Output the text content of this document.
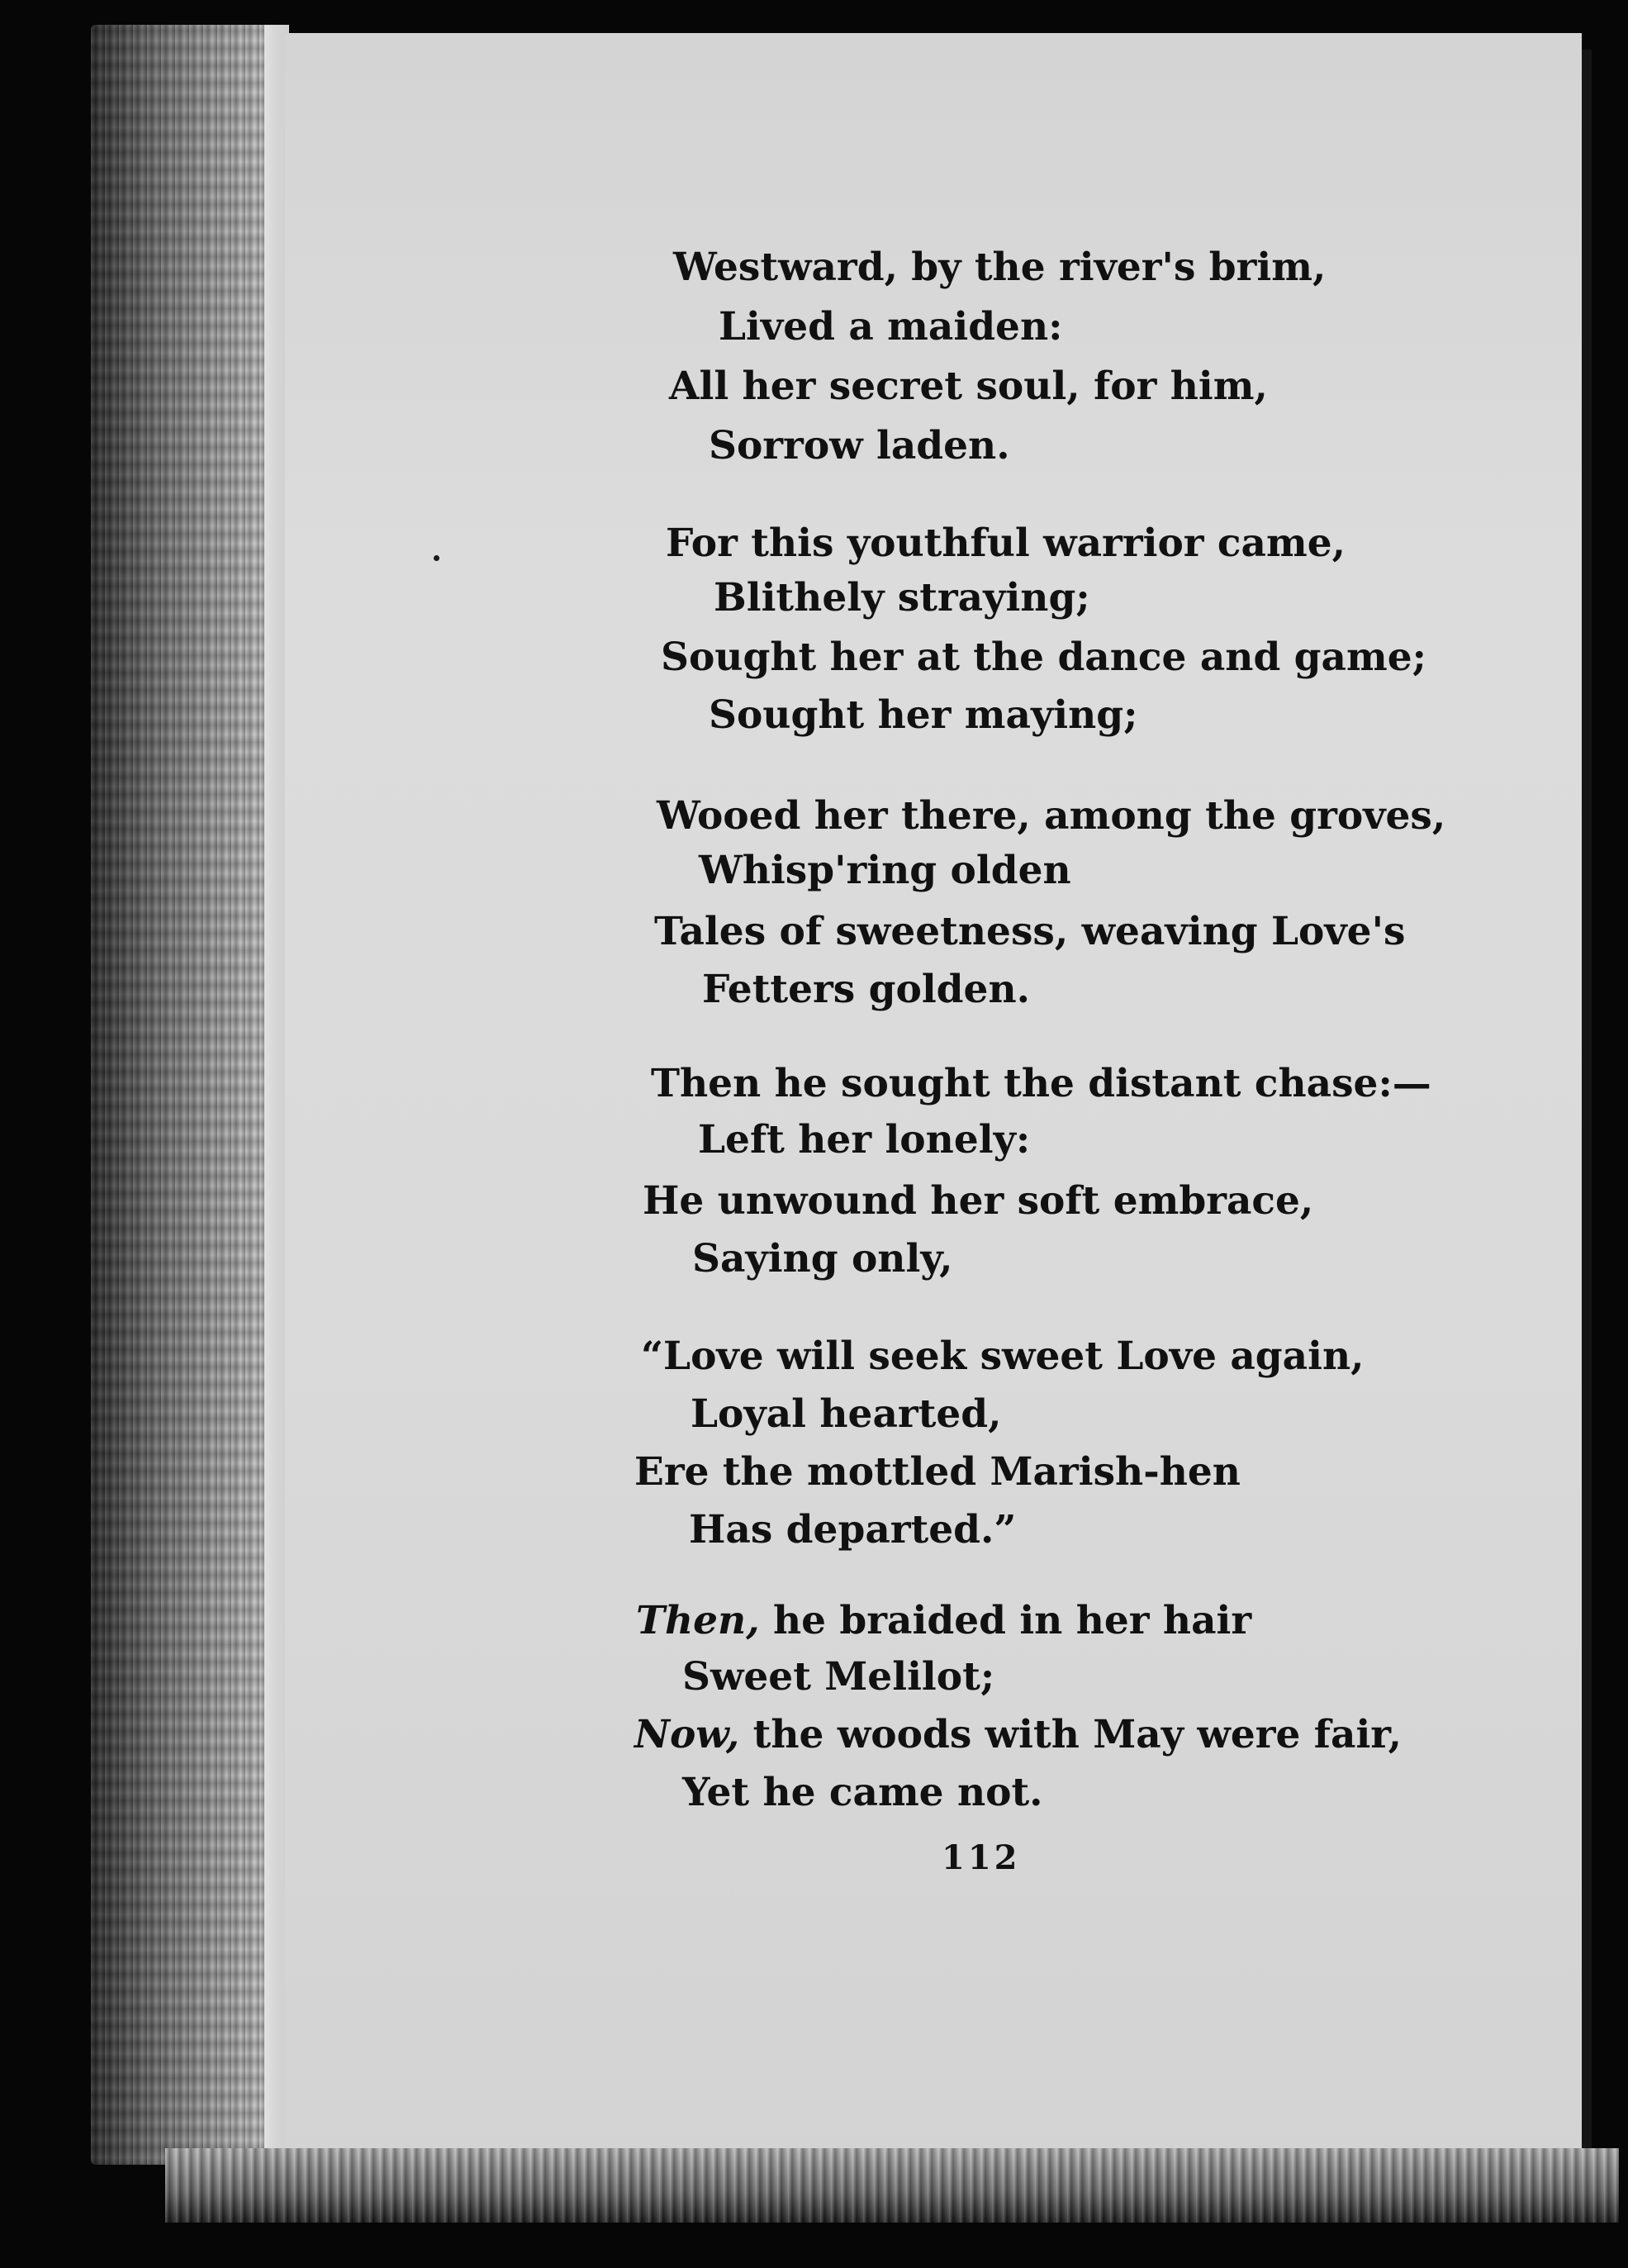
Westward, by the river's brim,
Lived a maiden:
All her secret soul, for him,
Sorrow laden.
For this youthful warrior came,
Blithely straying;
Sought her at the dance and game;
Sought her maying;
Wooed her there, among the groves,
Whisp'ring olden
Tales of sweetness, weaving Love's
Fetters golden.
Then he sought the distant chase:—
Left her lonely:
He unwound her soft embrace,
Saying only,
“Love will seek sweet Love again,
Loyal hearted,
Ere the mottled Marish-hen
Has departed.”
Then, he braided in her hair
Sweet Melilot;
Now, the woods with May were fair,
Yet he came not.
112
